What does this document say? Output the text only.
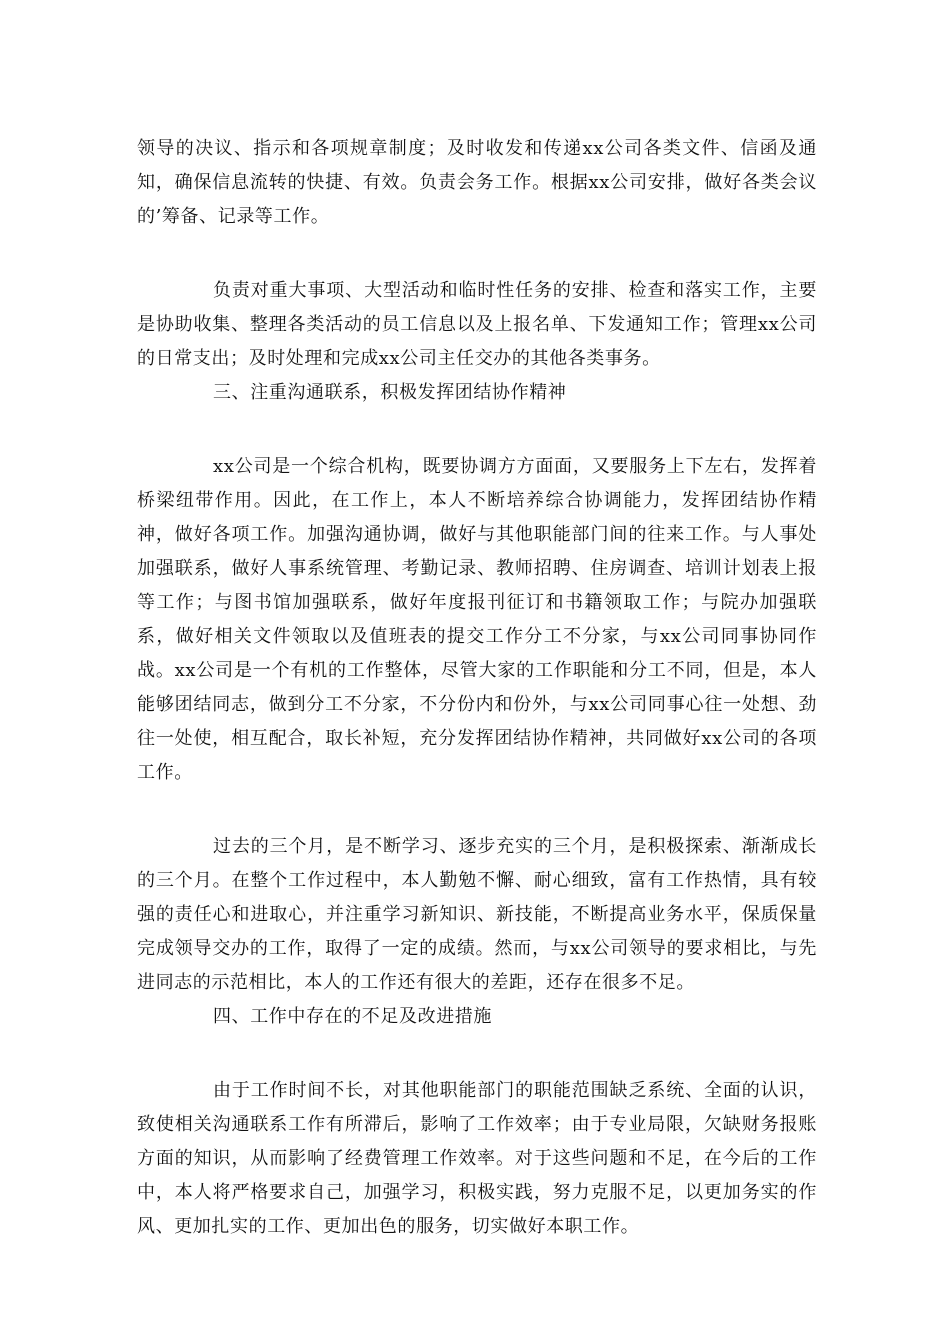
领导的决议、指示和各项规章制度；及时收发和传递xx公司各类文件、信函及通知，确保信息流转的快捷、有效。负责会务工作。根据xx公司安排，做好各类会议的’筹备、记录等工作。

负责对重大事项、大型活动和临时性任务的安排、检查和落实工作，主要是协助收集、整理各类活动的员工信息以及上报名单、下发通知工作；管理xx公司的日常支出；及时处理和完成xx公司主任交办的其他各类事务。

三、注重沟通联系，积极发挥团结协作精神

xx公司是一个综合机构，既要协调方方面面，又要服务上下左右，发挥着桥梁纽带作用。因此，在工作上，本人不断培养综合协调能力，发挥团结协作精神，做好各项工作。加强沟通协调，做好与其他职能部门间的往来工作。与人事处加强联系，做好人事系统管理、考勤记录、教师招聘、住房调查、培训计划表上报等工作；与图书馆加强联系，做好年度报刊征订和书籍领取工作；与院办加强联系，做好相关文件领取以及值班表的提交工作分工不分家，与xx公司同事协同作战。xx公司是一个有机的工作整体，尽管大家的工作职能和分工不同，但是，本人能够团结同志，做到分工不分家，不分份内和份外，与xx公司同事心往一处想、劲往一处使，相互配合，取长补短，充分发挥团结协作精神，共同做好xx公司的各项工作。

过去的三个月，是不断学习、逐步充实的三个月，是积极探索、渐渐成长的三个月。在整个工作过程中，本人勤勉不懈、耐心细致，富有工作热情，具有较强的责任心和进取心，并注重学习新知识、新技能，不断提高业务水平，保质保量完成领导交办的工作，取得了一定的成绩。然而，与xx公司领导的要求相比，与先进同志的示范相比，本人的工作还有很大的差距，还存在很多不足。

四、工作中存在的不足及改进措施

由于工作时间不长，对其他职能部门的职能范围缺乏系统、全面的认识，致使相关沟通联系工作有所滞后，影响了工作效率；由于专业局限，欠缺财务报账方面的知识，从而影响了经费管理工作效率。对于这些问题和不足，在今后的工作中，本人将严格要求自己，加强学习，积极实践，努力克服不足，以更加务实的作风、更加扎实的工作、更加出色的服务，切实做好本职工作。
